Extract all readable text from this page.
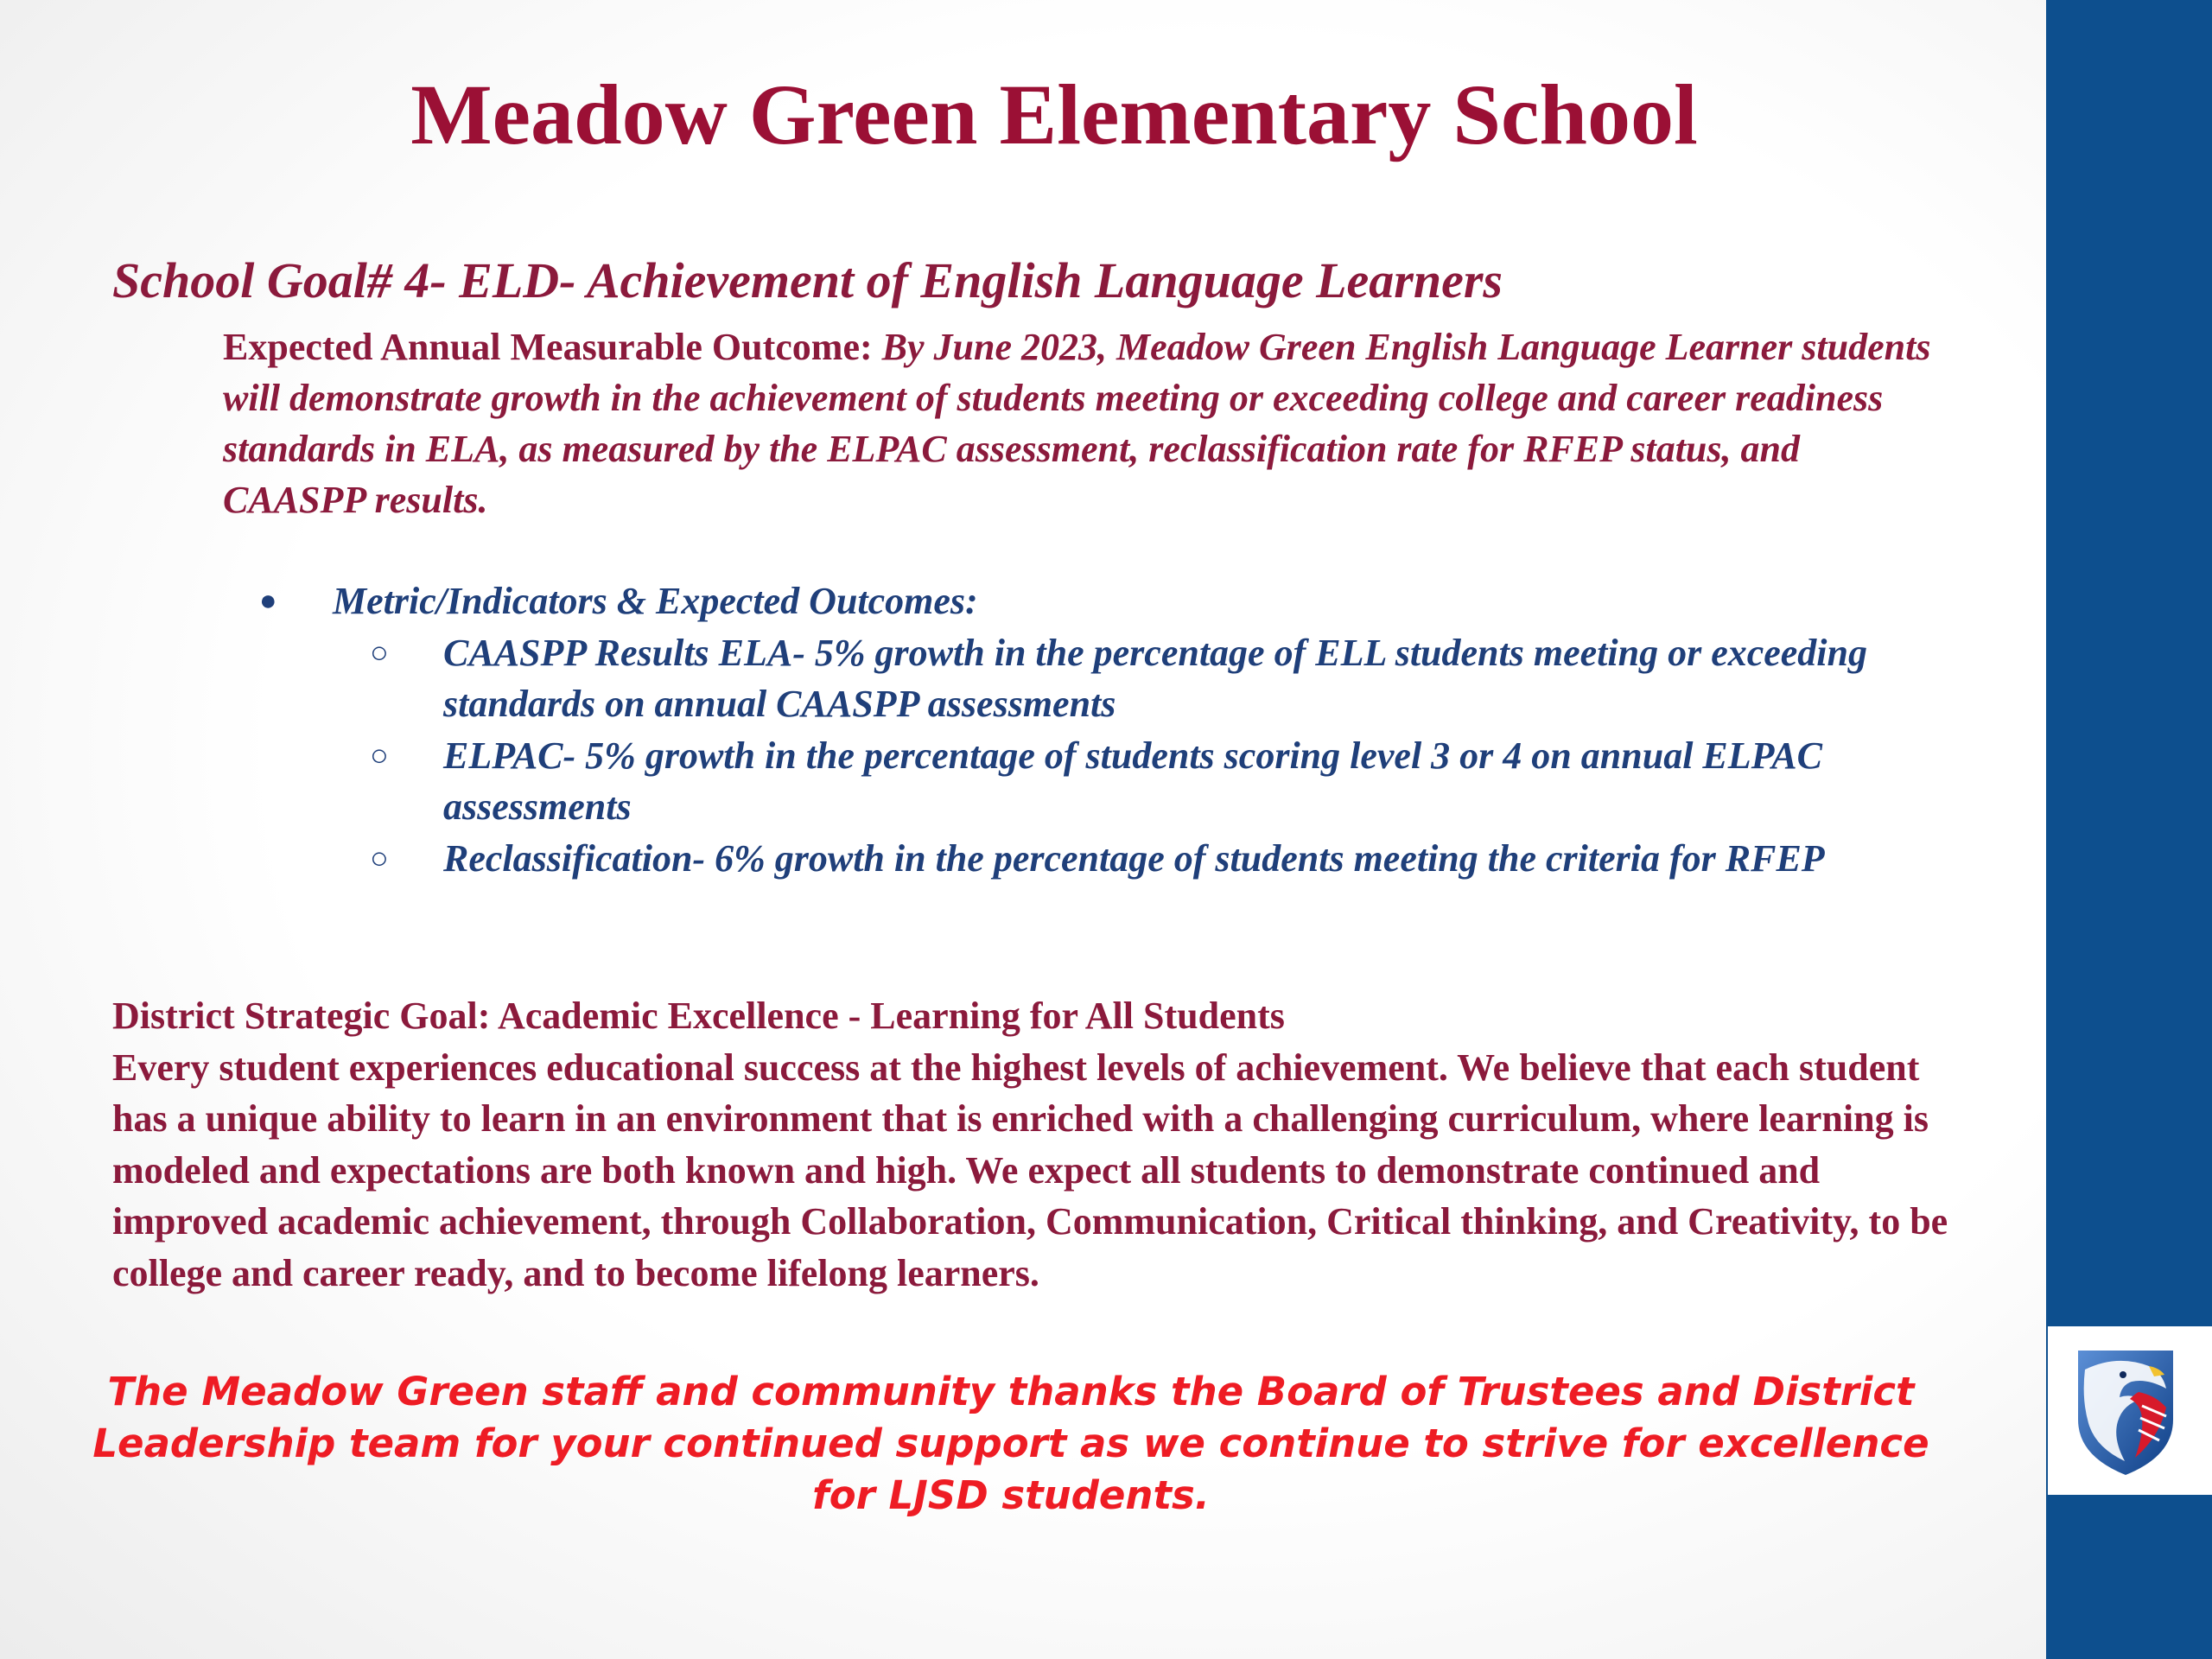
Meadow Green Elementary School
School Goal# 4- ELD- Achievement of English Language Learners
Expected Annual Measurable Outcome: By June 2023, Meadow Green English Language Learner students will demonstrate growth in the achievement of students meeting or exceeding college and career readiness standards in ELA, as measured by the ELPAC assessment, reclassification rate for RFEP status, and CAASPP results.
● Metric/Indicators & Expected Outcomes:
○ CAASPP Results ELA- 5% growth in the percentage of ELL students meeting or exceeding standards on annual CAASPP assessments
○ ELPAC- 5% growth in the percentage of students scoring level 3 or 4 on annual ELPAC assessments
○ Reclassification- 6% growth in the percentage of students meeting the criteria for RFEP
District Strategic Goal: Academic Excellence - Learning for All Students
Every student experiences educational success at the highest levels of achievement. We believe that each student has a unique ability to learn in an environment that is enriched with a challenging curriculum, where learning is modeled and expectations are both known and high. We expect all students to demonstrate continued and improved academic achievement, through Collaboration, Communication, Critical thinking, and Creativity, to be college and career ready, and to become lifelong learners.
The Meadow Green staff and community thanks the Board of Trustees and District Leadership team for your continued support as we continue to strive for excellence for LJSD students.
